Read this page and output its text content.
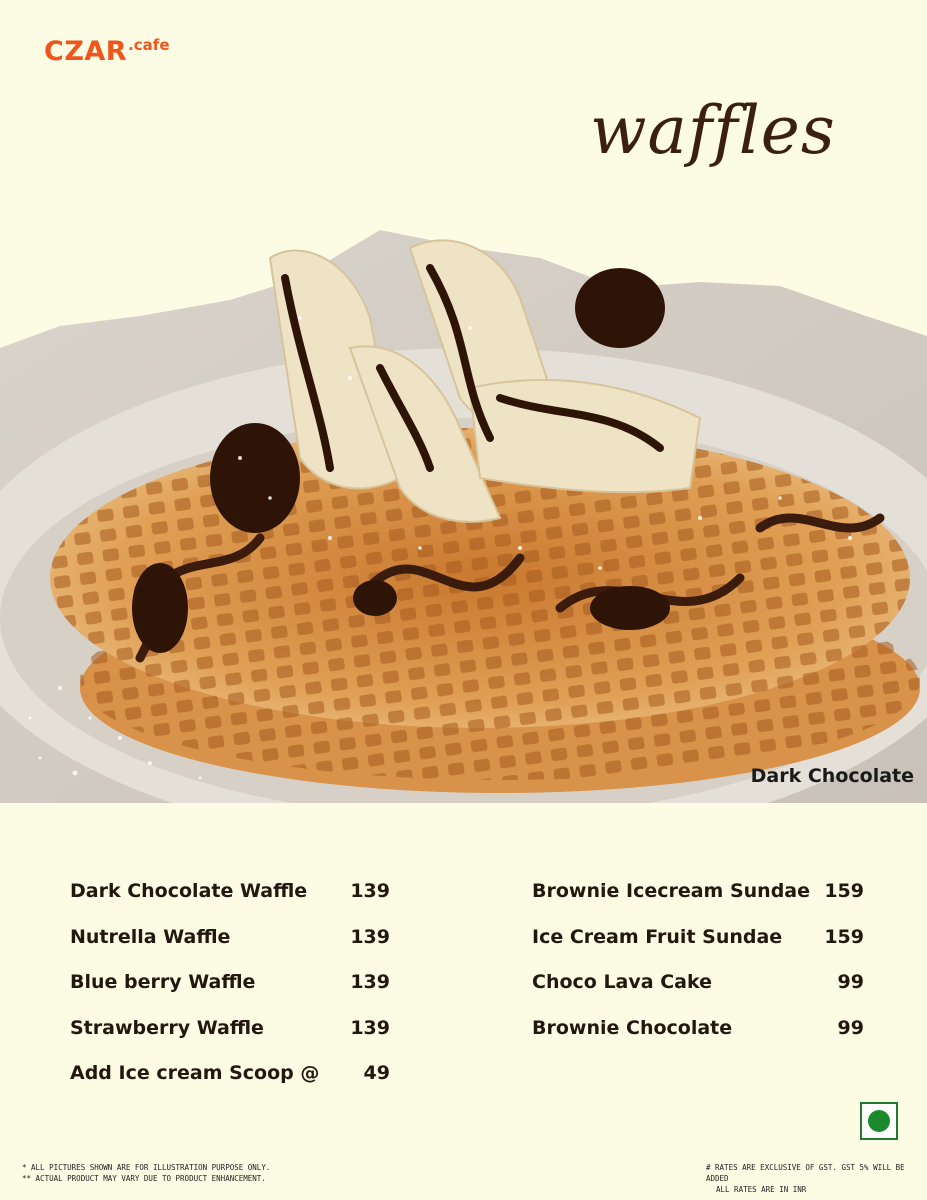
$CZAR^{.cafe}$
waffles
Dark Chocolate
Dark Chocolate Waffle 139
Nutrella Waffle	139
Blue berry Waffle	139
Strawberry Waffle	139
Add Ice cream Scoop @	49
Brownie Icecream Sundae 159
Ice Cream Fruit Sundae 159
Choco Lava Cake	99
Brownie Chocolate	99
* ALL PICTURES SHOWN ARE FOR ILLUSTRATION PURPOSE ONLY.
** ACTUAL PRODUCT MAY VARY DUE TO PRODUCT ENHANCEMENT.
# RATES ARE EXCLUSIVE OF GST. GST 5% WILL BE ADDED
ALL RATES ARE IN INR
